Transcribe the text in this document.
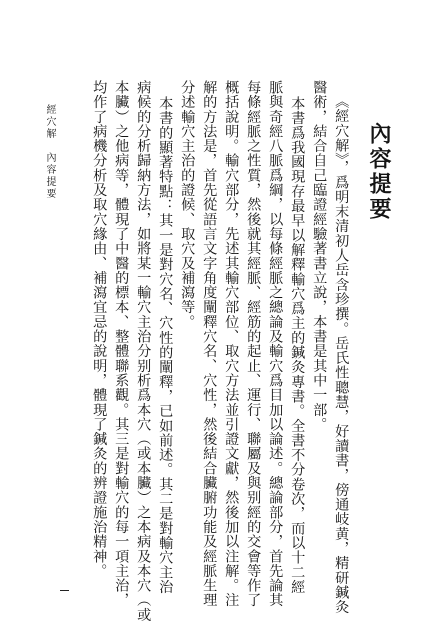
內容提要
《經穴解》，爲明末清初人岳含珍撰。岳氏性聰慧，好讀書，傍通岐黄，精研鍼灸
醫術，結合自己臨證經驗著書立說，本書是其中一部。
本書爲我國現存最早以解釋輸穴爲主的鍼灸專書。全書不分卷次，而以十二經
脈與奇經八脈爲綱，以每條經脈之總論及輸穴爲目加以論述。總論部分，首先論其
每條經脈之性質，然後就其經脈、經筋的起止、運行、聯屬及與别經的交會等作了
概括說明。輸穴部分，先述其輸穴部位、取穴方法並引證文獻，然後加以注解。注
解的方法是，首先從語言文字角度闡釋穴名、穴性，然後結合臟腑功能及經脈生理
分述輸穴主治的證候、取穴及補瀉等。
本書的顯著特點：其一是對穴名、穴性的闡釋，已如前述。其二是對輸穴主治
病候的分析歸納方法，如將某一輸穴主治分别析爲本穴（或本臟）之本病及本穴（或
本臟）之他病等，體現了中醫的標本、整體聯系觀。其三是對輸穴的每一項主治，
均作了病機分析及取穴緣由、補瀉宜忌的說明，體現了鍼灸的辨證施治精神。
經穴解　內容提要
